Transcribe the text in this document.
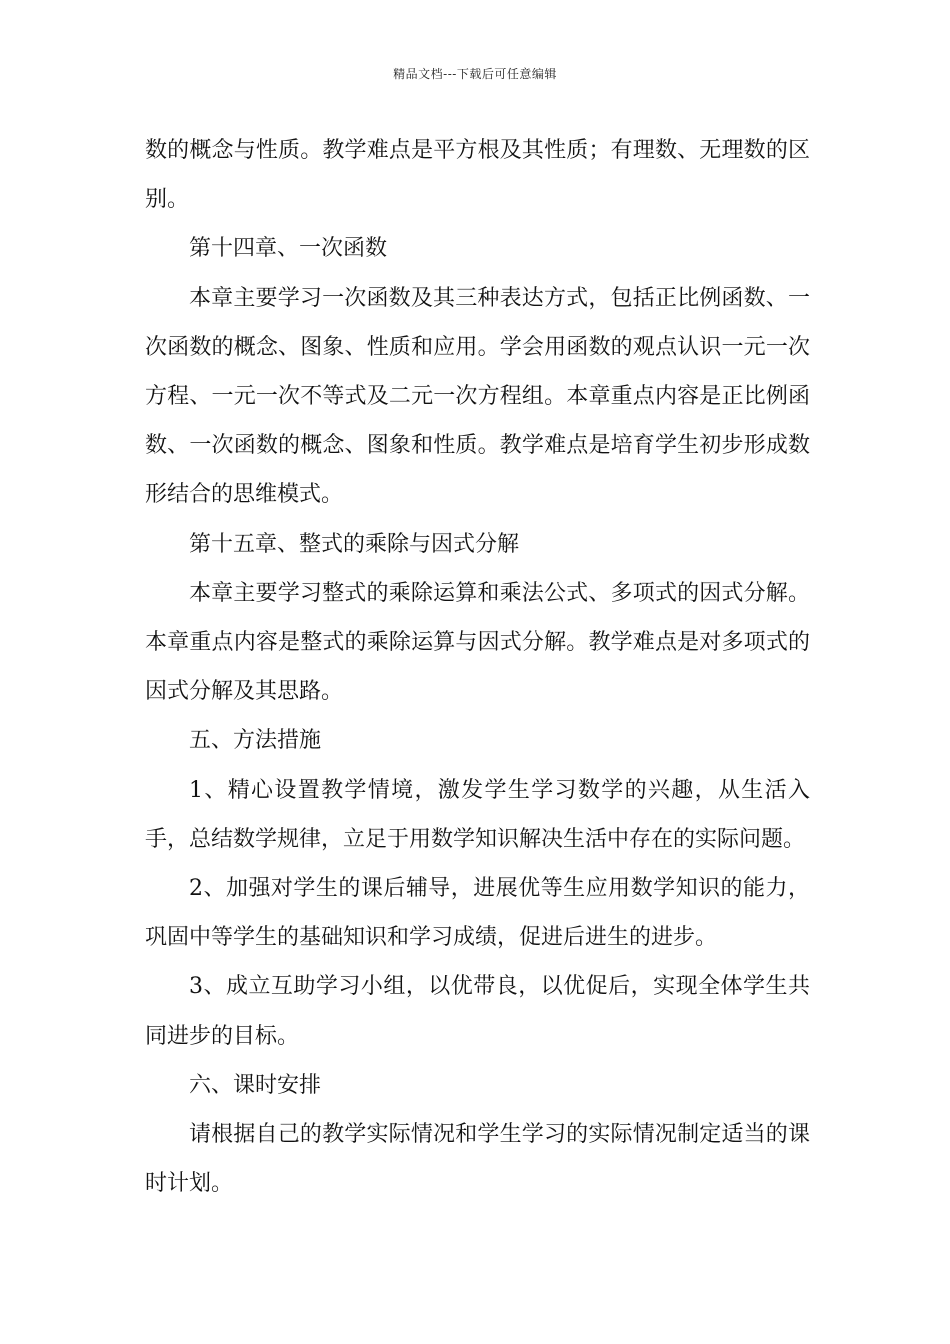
精品文档---下载后可任意编辑

数的概念与性质。教学难点是平方根及其性质；有理数、无理数的区别。

第十四章、一次函数

本章主要学习一次函数及其三种表达方式，包括正比例函数、一次函数的概念、图象、性质和应用。学会用函数的观点认识一元一次方程、一元一次不等式及二元一次方程组。本章重点内容是正比例函数、一次函数的概念、图象和性质。教学难点是培育学生初步形成数形结合的思维模式。

第十五章、整式的乘除与因式分解

本章主要学习整式的乘除运算和乘法公式、多项式的因式分解。本章重点内容是整式的乘除运算与因式分解。教学难点是对多项式的因式分解及其思路。

五、方法措施

1、精心设置教学情境，激发学生学习数学的兴趣，从生活入手，总结数学规律，立足于用数学知识解决生活中存在的实际问题。

2、加强对学生的课后辅导，进展优等生应用数学知识的能力，巩固中等学生的基础知识和学习成绩，促进后进生的进步。

3、成立互助学习小组，以优带良，以优促后，实现全体学生共同进步的目标。

六、课时安排

请根据自己的教学实际情况和学生学习的实际情况制定适当的课时计划。
